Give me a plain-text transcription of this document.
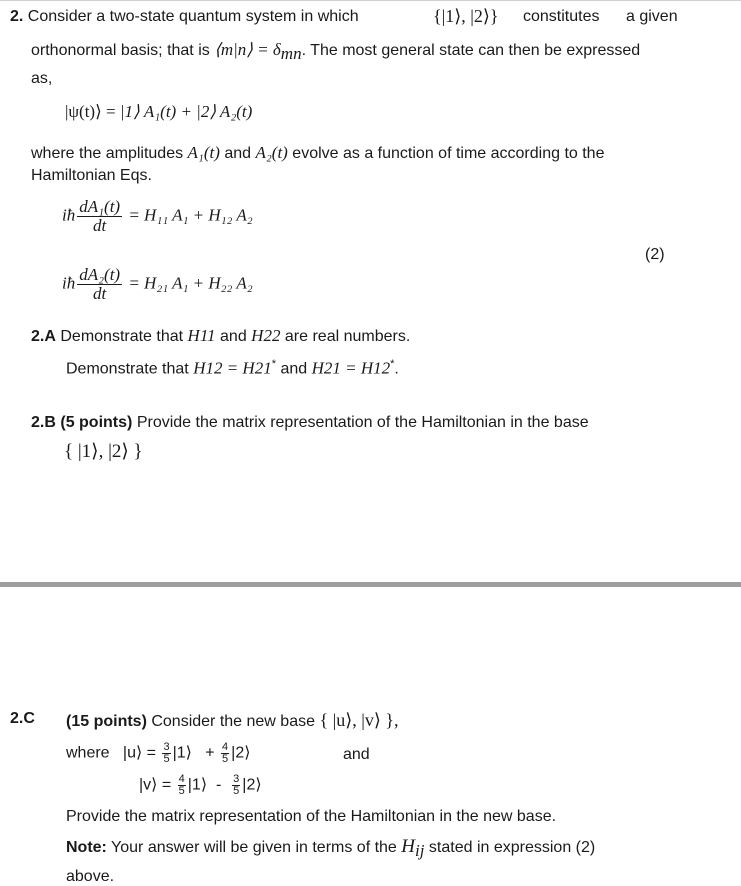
2. Consider a two-state quantum system in which	{|1⟩, |2⟩} constitutes a given
orthonormal basis; that is ⟨m|n⟩ = $\delta_{mn}$. The most general state can then be expressed
as,
|ψ(t)⟩ = |1⟩ A₁(t) + |2⟩ A₂(t)
where the amplitudes A₁(t) and A₂(t) evolve as a function of time according to the
Hamiltonian Eqs.
iħ $\frac{\text{dA₁(t)}}{dt} = H_{11}$ A₁ + H₁₂ A₂
(2)
iħ $\frac{\text{dA₂(t)}}{dt} = H_{21}$ A₁ + H₂₂ A₂
2.A Demonstrate that H11 and H22 are real numbers.
Demonstrate that H12 = H21* and H21 = H12*.
2.B (5 points) Provide the matrix representation of the Hamiltonian in the base
{ |1⟩, |2⟩ }
2.C (15 points) Consider the new base { |u⟩, |v⟩ },
where |u⟩ = $\frac{3}{5}$ |1⟩ + $\frac{4}{5}$ |2⟩	and
|v⟩ = $\frac{4}{5}$ |1⟩ - $\frac{3}{5}$ |2⟩
Provide the matrix representation of the Hamiltonian in the new base.
Note: Your answer will be given in terms of the $H_{ij}$ stated in expression (2)
above.
